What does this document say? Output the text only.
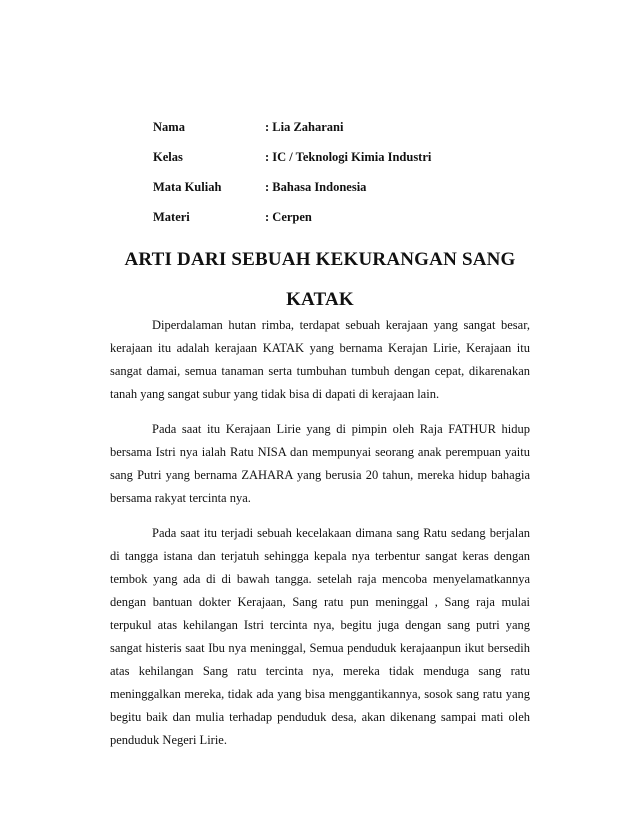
Nama	: Lia Zaharani
Kelas	: IC / Teknologi Kimia Industri
Mata Kuliah	: Bahasa Indonesia
Materi	: Cerpen
ARTI DARI SEBUAH KEKURANGAN SANG KATAK

Diperdalaman hutan rimba, terdapat sebuah kerajaan yang sangat besar, kerajaan itu adalah kerajaan KATAK yang bernama Kerajan Lirie, Kerajaan itu sangat damai, semua tanaman serta tumbuhan tumbuh dengan cepat, dikarenakan tanah yang sangat subur yang tidak bisa di dapati di kerajaan lain.

Pada saat itu Kerajaan Lirie yang di pimpin oleh Raja FATHUR hidup bersama Istri nya ialah Ratu NISA dan mempunyai seorang anak perempuan yaitu sang Putri yang bernama ZAHARA yang berusia 20 tahun, mereka hidup bahagia bersama rakyat tercinta nya.

Pada saat itu terjadi sebuah kecelakaan dimana sang Ratu sedang berjalan di tangga istana dan terjatuh sehingga kepala nya terbentur sangat keras dengan tembok yang ada di di bawah tangga. setelah raja mencoba menyelamatkannya dengan bantuan dokter Kerajaan, Sang ratu pun meninggal , Sang raja mulai terpukul atas kehilangan Istri tercinta nya, begitu juga dengan sang putri yang sangat histeris saat Ibu nya meninggal, Semua penduduk kerajaanpun ikut bersedih atas kehilangan Sang ratu tercinta nya, mereka tidak menduga sang ratu meninggalkan mereka, tidak ada yang bisa menggantikannya, sosok sang ratu yang begitu baik dan mulia terhadap penduduk desa, akan dikenang sampai mati oleh penduduk Negeri Lirie.
